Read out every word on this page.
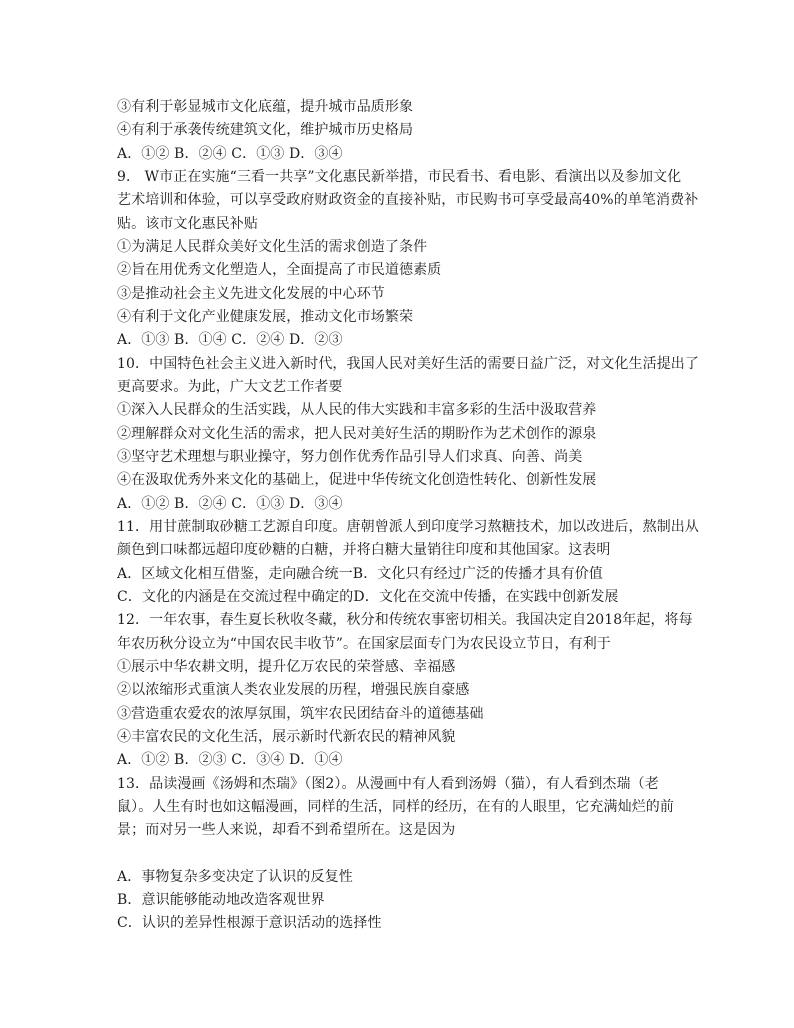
③有利于彰显城市文化底蕴，提升城市品质形象
④有利于承袭传统建筑文化，维护城市历史格局
A．①② B．②④ C．①③ D．③④
9． W市正在实施“三看一共享”文化惠民新举措，市民看书、看电影、看演出以及参加文化
艺术培训和体验，可以享受政府财政资金的直接补贴，市民购书可享受最高40%的单笔消费补
贴。该市文化惠民补贴
①为满足人民群众美好文化生活的需求创造了条件
②旨在用优秀文化塑造人，全面提高了市民道德素质
③是推动社会主义先进文化发展的中心环节
④有利于文化产业健康发展，推动文化市场繁荣
A．①③ B．①④ C．②④ D．②③
10．中国特色社会主义进入新时代，我国人民对美好生活的需要日益广泛，对文化生活提出了
更高要求。为此，广大文艺工作者要
①深入人民群众的生活实践，从人民的伟大实践和丰富多彩的生活中汲取营养
②理解群众对文化生活的需求，把人民对美好生活的期盼作为艺术创作的源泉
③坚守艺术理想与职业操守，努力创作优秀作品引导人们求真、向善、尚美
④在汲取优秀外来文化的基础上，促进中华传统文化创造性转化、创新性发展
A．①② B．②④ C．①③ D．③④
11．用甘蔗制取砂糖工艺源自印度。唐朝曾派人到印度学习熬糖技术，加以改进后，熬制出从
颜色到口味都远超印度砂糖的白糖，并将白糖大量销往印度和其他国家。这表明
A．区域文化相互借鉴，走向融合统一B．文化只有经过广泛的传播才具有价值
C．文化的内涵是在交流过程中确定的D．文化在交流中传播，在实践中创新发展
12．一年农事，春生夏长秋收冬藏，秋分和传统农事密切相关。我国决定自2018年起，将每
年农历秋分设立为“中国农民丰收节”。在国家层面专门为农民设立节日，有利于
①展示中华农耕文明，提升亿万农民的荣誉感、幸福感
②以浓缩形式重演人类农业发展的历程，增强民族自豪感
③营造重农爱农的浓厚氛围，筑牢农民团结奋斗的道德基础
④丰富农民的文化生活，展示新时代新农民的精神风貌
A．①② B．②③ C．③④ D．①④
13．品读漫画《汤姆和杰瑞》（图2）。从漫画中有人看到汤姆（猫），有人看到杰瑞（老
鼠）。人生有时也如这幅漫画，同样的生活，同样的经历，在有的人眼里，它充满灿烂的前
景；而对另一些人来说，却看不到希望所在。这是因为
A．事物复杂多变决定了认识的反复性
B．意识能够能动地改造客观世界
C．认识的差异性根源于意识活动的选择性
